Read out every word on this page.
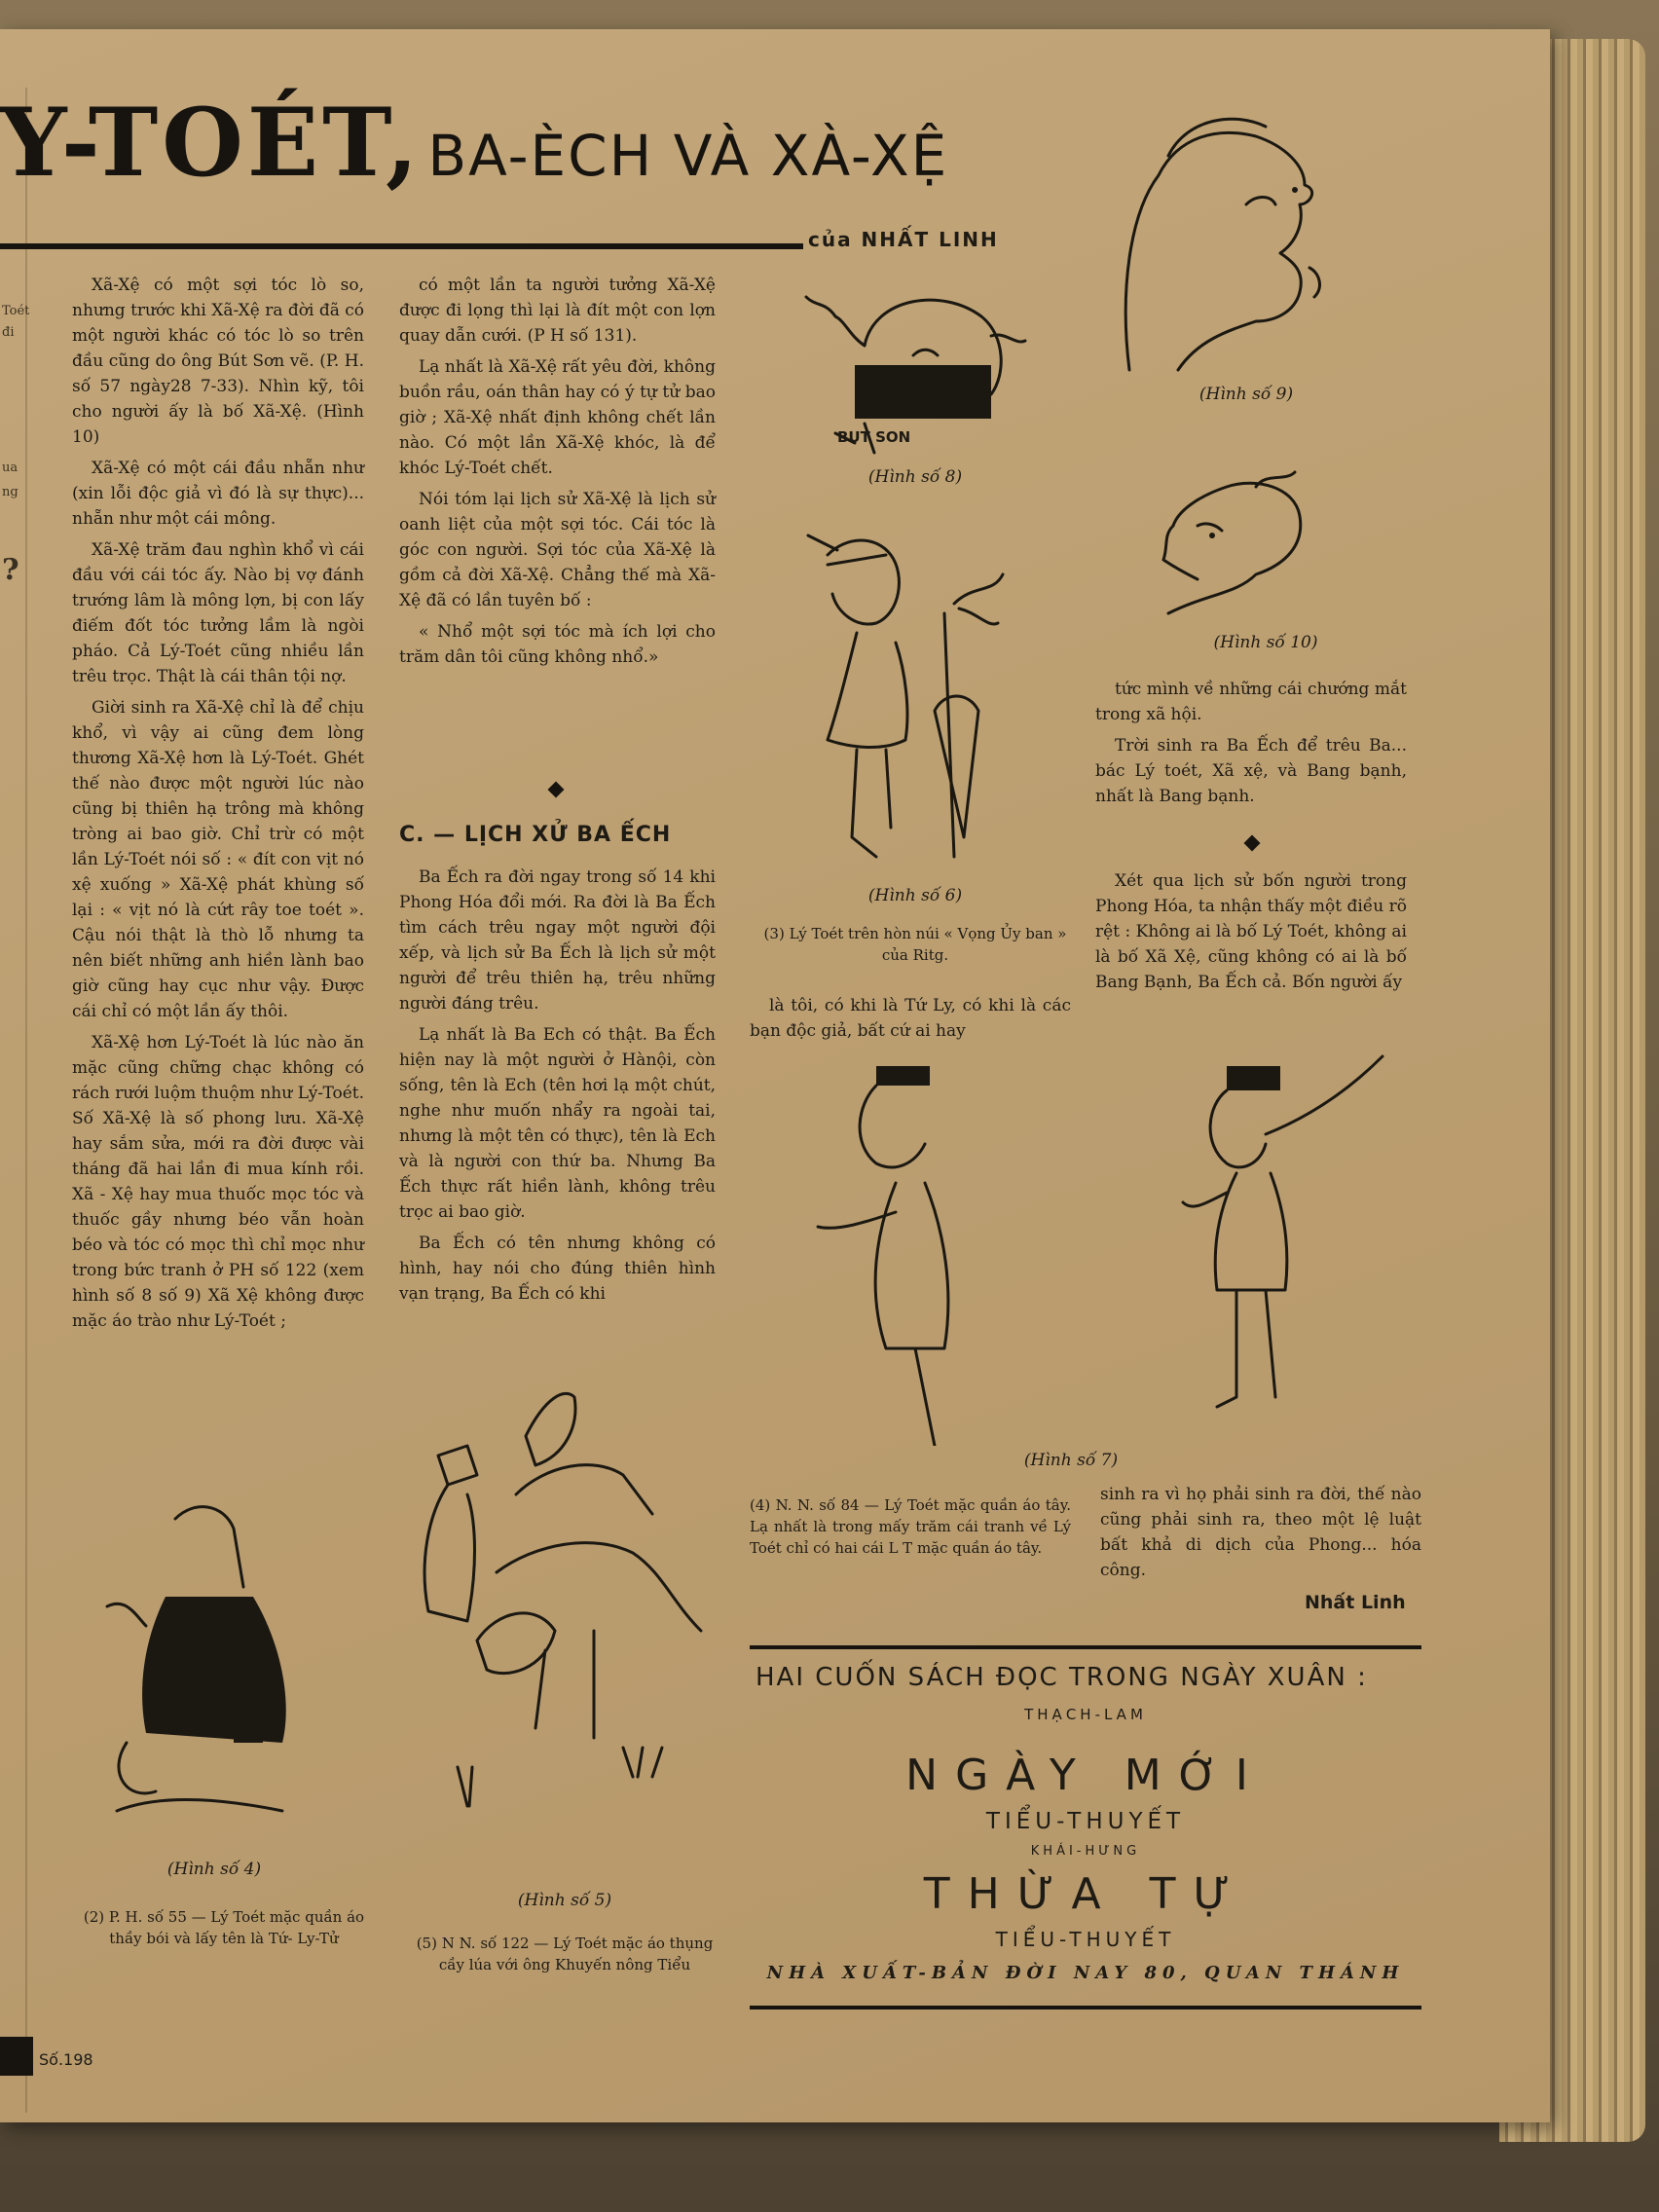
Toét
đi
ua
ng
?
Y-TOÉT, BA-ÈCH VÀ XÀ-XỆ
của NHẤT LINH

Xã-Xệ có một sợi tóc lò so, nhưng trước khi Xã-Xệ ra đời đã có một người khác có tóc lò so trên đầu cũng do ông Bút Sơn vẽ. (P. H. số 57 ngày28 7-33). Nhìn kỹ, tôi cho người ấy là bố Xã-Xệ. (Hình 10)

Xã-Xệ có một cái đầu nhẵn như (xin lỗi độc giả vì đó là sự thực)... nhẵn như một cái mông.

Xã-Xệ trăm đau nghìn khổ vì cái đầu với cái tóc ấy. Nào bị vợ đánh trướng lâm là mông lợn, bị con lấy điếm đốt tóc tưởng lầm là ngòi pháo. Cả Lý-Toét cũng nhiều lần trêu trọc. Thật là cái thân tội nợ.

Giời sinh ra Xã-Xệ chỉ là để chịu khổ, vì vậy ai cũng đem lòng thương Xã-Xệ hơn là Lý-Toét. Ghét thế nào được một người lúc nào cũng bị thiên hạ trông mà không tròng ai bao giờ. Chỉ trừ có một lần Lý-Toét nói số : « đít con vịt nó xệ xuống » Xã-Xệ phát khùng số lại : « vịt nó là cứt rây toe toét ». Cậu nói thật là thò lỗ nhưng ta nên biết những anh hiền lành bao giờ cũng hay cục như vậy. Được cái chỉ có một lần ấy thôi.

Xã-Xệ hơn Lý-Toét là lúc nào ăn mặc cũng chững chạc không có rách rưới luộm thuộm như Lý-Toét. Số Xã-Xệ là số phong lưu. Xã-Xệ hay sắm sửa, mới ra đời được vài tháng đã hai lần đi mua kính rồi. Xã - Xệ hay mua thuốc mọc tóc và thuốc gầy nhưng béo vẫn hoàn béo và tóc có mọc thì chỉ mọc như trong bức tranh ở PH số 122 (xem hình số 8 số 9) Xã Xệ không được mặc áo trào như Lý-Toét ;

có một lần ta người tưởng Xã-Xệ được đi lọng thì lại là đít một con lợn quay dẫn cưới. (P H số 131).

Lạ nhất là Xã-Xệ rất yêu đời, không buồn rầu, oán thân hay có ý tự tử bao giờ ; Xã-Xệ nhất định không chết lần nào. Có một lần Xã-Xệ khóc, là để khóc Lý-Toét chết.

Nói tóm lại lịch sử Xã-Xệ là lịch sử oanh liệt của một sợi tóc. Cái tóc là góc con người. Sợi tóc của Xã-Xệ là gồm cả đời Xã-Xệ. Chẳng thế mà Xã-Xệ đã có lần tuyên bố :

« Nhổ một sợi tóc mà ích lợi cho trăm dân tôi cũng không nhổ.»

C. — LỊCH XỬ BA ẾCH

Ba Ếch ra đời ngay trong số 14 khi Phong Hóa đổi mới. Ra đời là Ba Ếch tìm cách trêu ngay một người đội xếp, và lịch sử Ba Ếch là lịch sử một người để trêu thiên hạ, trêu những người đáng trêu.

Lạ nhất là Ba Ech có thật. Ba Ếch hiện nay là một người ở Hànội, còn sống, tên là Ech (tên hơi lạ một chút, nghe như muốn nhẩy ra ngoài tai, nhưng là một tên có thực), tên là Ech và là người con thứ ba. Nhưng Ba Ếch thực rất hiền lành, không trêu trọc ai bao giờ.

Ba Ếch có tên nhưng không có hình, hay nói cho đúng thiên hình vạn trạng, Ba Ếch có khi

là tôi, có khi là Tứ Ly, có khi là các bạn độc giả, bất cứ ai hay

tức mình về những cái chướng mắt trong xã hội.

Trời sinh ra Ba Ếch để trêu Ba... bác Lý toét, Xã xệ, và Bang bạnh, nhất là Bang bạnh.

Xét qua lịch sử bốn người trong Phong Hóa, ta nhận thấy một điều rõ rệt : Không ai là bố Lý Toét, không ai là bố Xã Xệ, cũng không có ai là bố Bang Bạnh, Ba Ếch cả. Bốn người ấy

sinh ra vì họ phải sinh ra đời, thế nào cũng phải sinh ra, theo một lệ luật bất khả di dịch của Phong... hóa công.

Nhất Linh
(Hình số 9)
BUT SON
(Hình số 8)
(Hình số 10)
(Hình số 6)
(3) Lý Toét trên hòn núi « Vọng Ủy ban » của Ritg.
(Hình số 7)
(4) N. N. số 84 — Lý Toét mặc quần áo tây. Lạ nhất là trong mấy trăm cái tranh về Lý Toét chỉ có hai cái L T mặc quần áo tây.
(Hình số 4)
(2) P. H. số 55 — Lý Toét mặc quần áo thầy bói và lấy tên là Tứ- Ly-Tử
(Hình số 5)
(5) N N. số 122 — Lý Toét mặc áo thụng cầy lúa với ông Khuyến nông Tiểu
HAI CUỐN SÁCH ĐỌC TRONG NGÀY XUÂN :
THẠCH-LAM
NGÀY MỚI
TIỂU-THUYẾT
KHÁI-HƯNG
THỪA TỰ
TIỂU-THUYẾT
NHÀ XUẤT-BẢN ĐỜI NAY 80, QUAN THÁNH
Số.198
